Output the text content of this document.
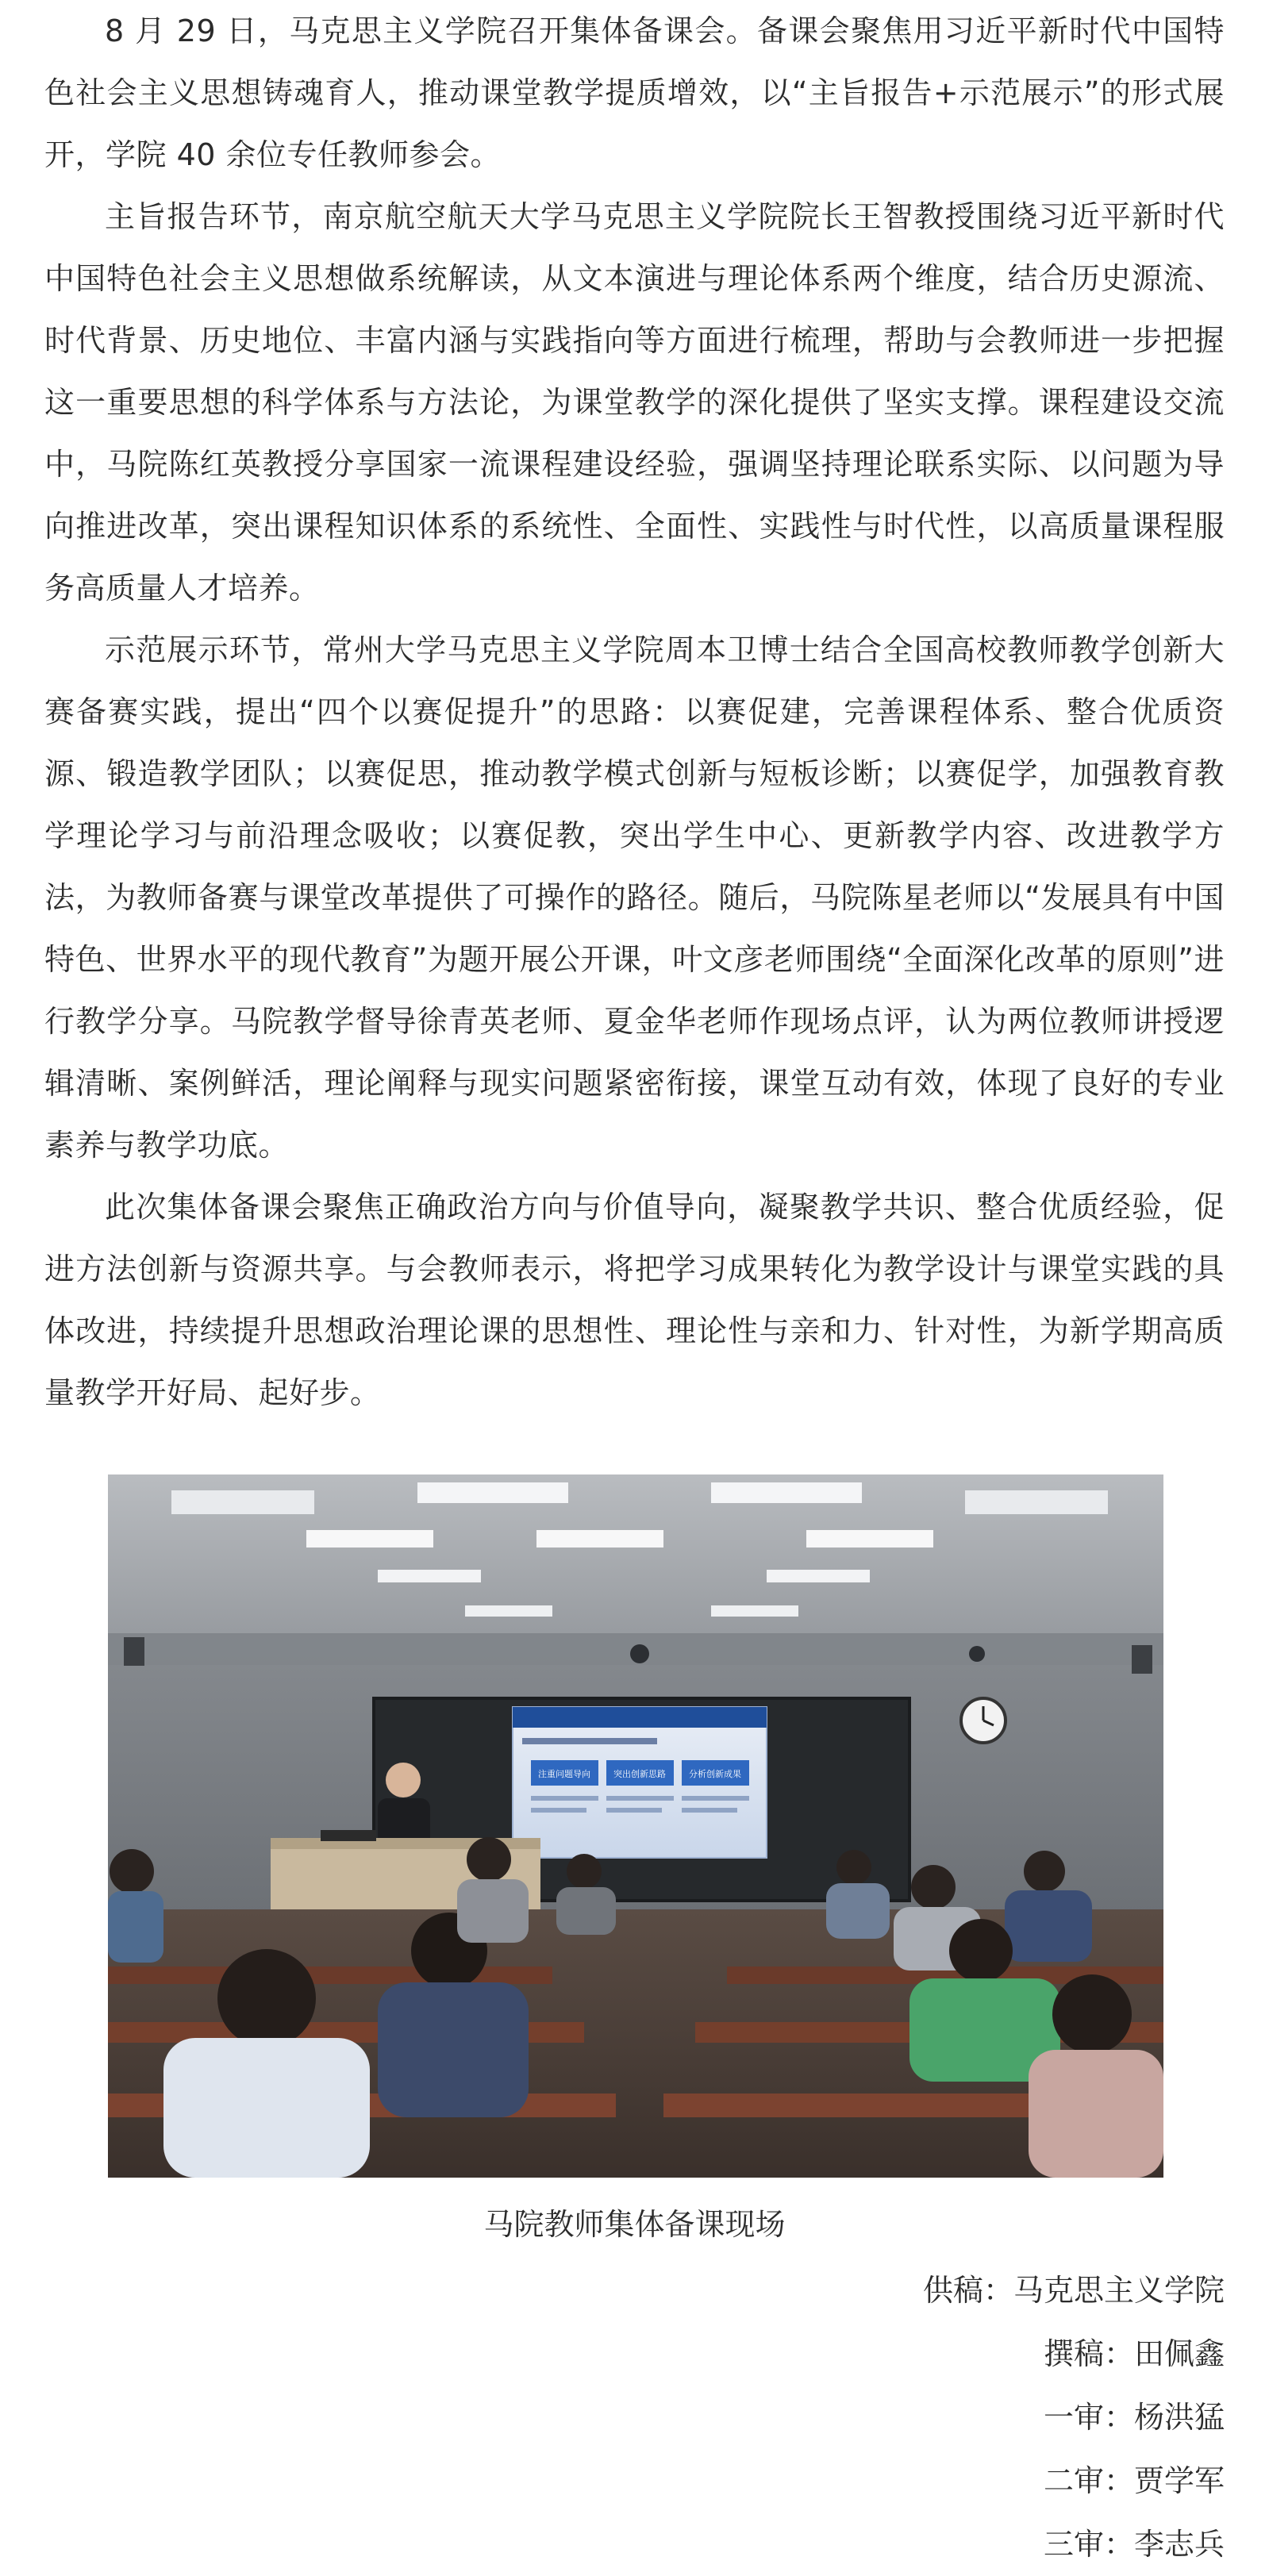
8 月 29 日，马克思主义学院召开集体备课会。备课会聚焦用习近平新时代中国特色社会主义思想铸魂育人，推动课堂教学提质增效，以“主旨报告+示范展示”的形式展开，学院 40 余位专任教师参会。

主旨报告环节，南京航空航天大学马克思主义学院院长王智教授围绕习近平新时代中国特色社会主义思想做系统解读，从文本演进与理论体系两个维度，结合历史源流、时代背景、历史地位、丰富内涵与实践指向等方面进行梳理，帮助与会教师进一步把握这一重要思想的科学体系与方法论，为课堂教学的深化提供了坚实支撑。课程建设交流中，马院陈红英教授分享国家一流课程建设经验，强调坚持理论联系实际、以问题为导向推进改革，突出课程知识体系的系统性、全面性、实践性与时代性，以高质量课程服务高质量人才培养。

示范展示环节，常州大学马克思主义学院周本卫博士结合全国高校教师教学创新大赛备赛实践，提出“四个以赛促提升”的思路：以赛促建，完善课程体系、整合优质资源、锻造教学团队；以赛促思，推动教学模式创新与短板诊断；以赛促学，加强教育教学理论学习与前沿理念吸收；以赛促教，突出学生中心、更新教学内容、改进教学方法，为教师备赛与课堂改革提供了可操作的路径。随后，马院陈星老师以“发展具有中国特色、世界水平的现代教育”为题开展公开课，叶文彦老师围绕“全面深化改革的原则”进行教学分享。马院教学督导徐青英老师、夏金华老师作现场点评，认为两位教师讲授逻辑清晰、案例鲜活，理论阐释与现实问题紧密衔接，课堂互动有效，体现了良好的专业素养与教学功底。

此次集体备课会聚焦正确政治方向与价值导向，凝聚教学共识、整合优质经验，促进方法创新与资源共享。与会教师表示，将把学习成果转化为教学设计与课堂实践的具体改进，持续提升思想政治理论课的思想性、理论性与亲和力、针对性，为新学期高质量教学开好局、起好步。

注重问题导向	突出创新思路	分析创新成果
马院教师集体备课现场
供稿：马克思主义学院
撰稿：田佩鑫
一审：杨洪猛
二审：贾学军
三审：李志兵
